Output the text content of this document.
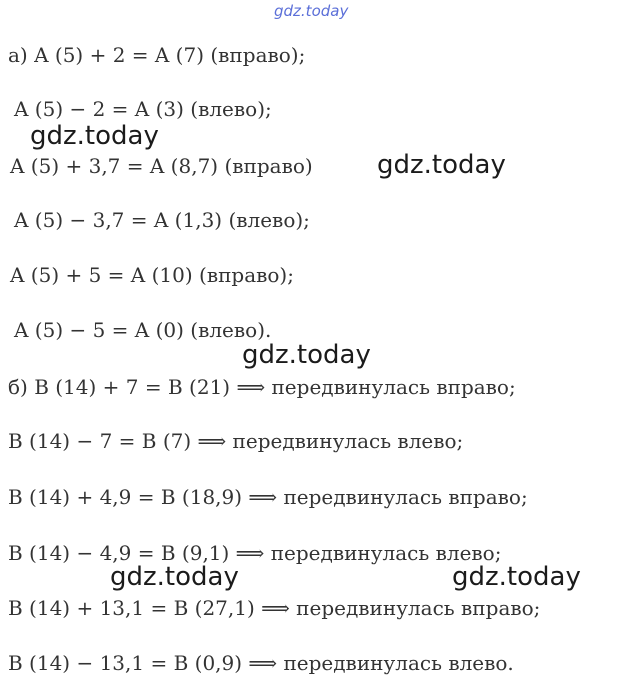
gdz.today
а) A (5) + 2 = A (7) (вправо);
A (5) − 2 = A (3) (влево);
A (5) + 3,7 = A (8,7) (вправо)
A (5) − 3,7 = A (1,3) (влево);
A (5) + 5 = A (10) (вправо);
A (5) − 5 = A (0) (влево).
б) B (14) + 7 = B (21) ⟹ передвинулась вправо;
B (14) − 7 = B (7) ⟹ передвинулась влево;
B (14) + 4,9 = B (18,9) ⟹ передвинулась вправо;
B (14) − 4,9 = B (9,1) ⟹ передвинулась влево;
B (14) + 13,1 = B (27,1) ⟹ передвинулась вправо;
B (14) − 13,1 = B (0,9) ⟹ передвинулась влево.
gdz.today
gdz.today
gdz.today
gdz.today	gdz.today
